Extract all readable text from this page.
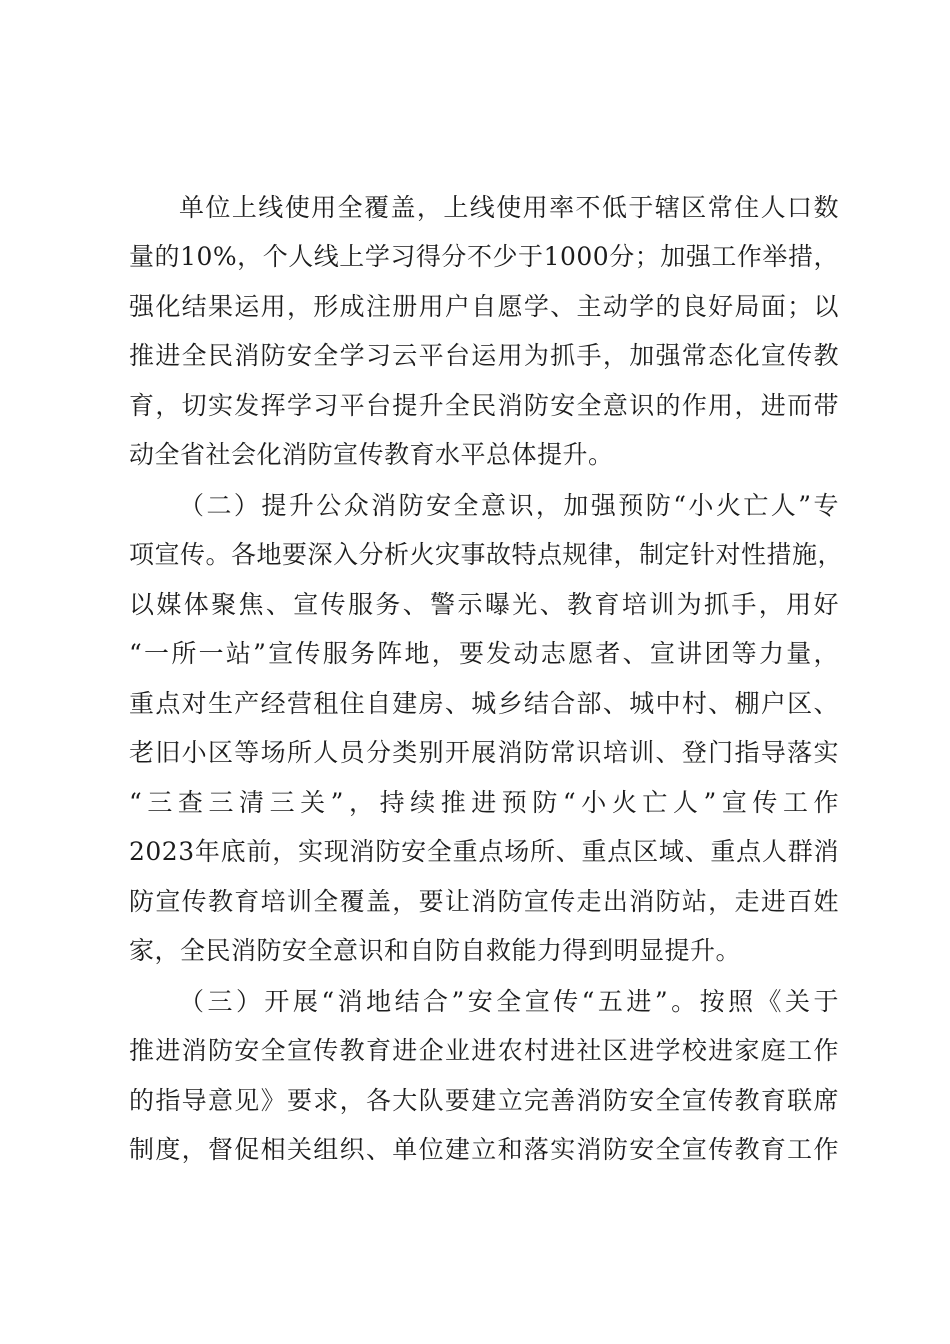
单位上线使用全覆盖，上线使用率不低于辖区常住人口数
量的10%，个人线上学习得分不少于1000分；加强工作举措，
强化结果运用，形成注册用户自愿学、主动学的良好局面；以
推进全民消防安全学习云平台运用为抓手，加强常态化宣传教
育，切实发挥学习平台提升全民消防安全意识的作用，进而带
动全省社会化消防宣传教育水平总体提升。
（二）提升公众消防安全意识，加强预防“小火亡人”专
项宣传。各地要深入分析火灾事故特点规律，制定针对性措施，
以媒体聚焦、宣传服务、警示曝光、教育培训为抓手，用好
“一所一站”宣传服务阵地，要发动志愿者、宣讲团等力量，
重点对生产经营租住自建房、城乡结合部、城中村、棚户区、
老旧小区等场所人员分类别开展消防常识培训、登门指导落实
“三查三清三关”，持续推进预防“小火亡人”宣传工作
2023年底前，实现消防安全重点场所、重点区域、重点人群消
防宣传教育培训全覆盖，要让消防宣传走出消防站，走进百姓
家，全民消防安全意识和自防自救能力得到明显提升。
（三）开展“消地结合”安全宣传“五进”。按照《关于
推进消防安全宣传教育进企业进农村进社区进学校进家庭工作
的指导意见》要求，各大队要建立完善消防安全宣传教育联席
制度，督促相关组织、单位建立和落实消防安全宣传教育工作
